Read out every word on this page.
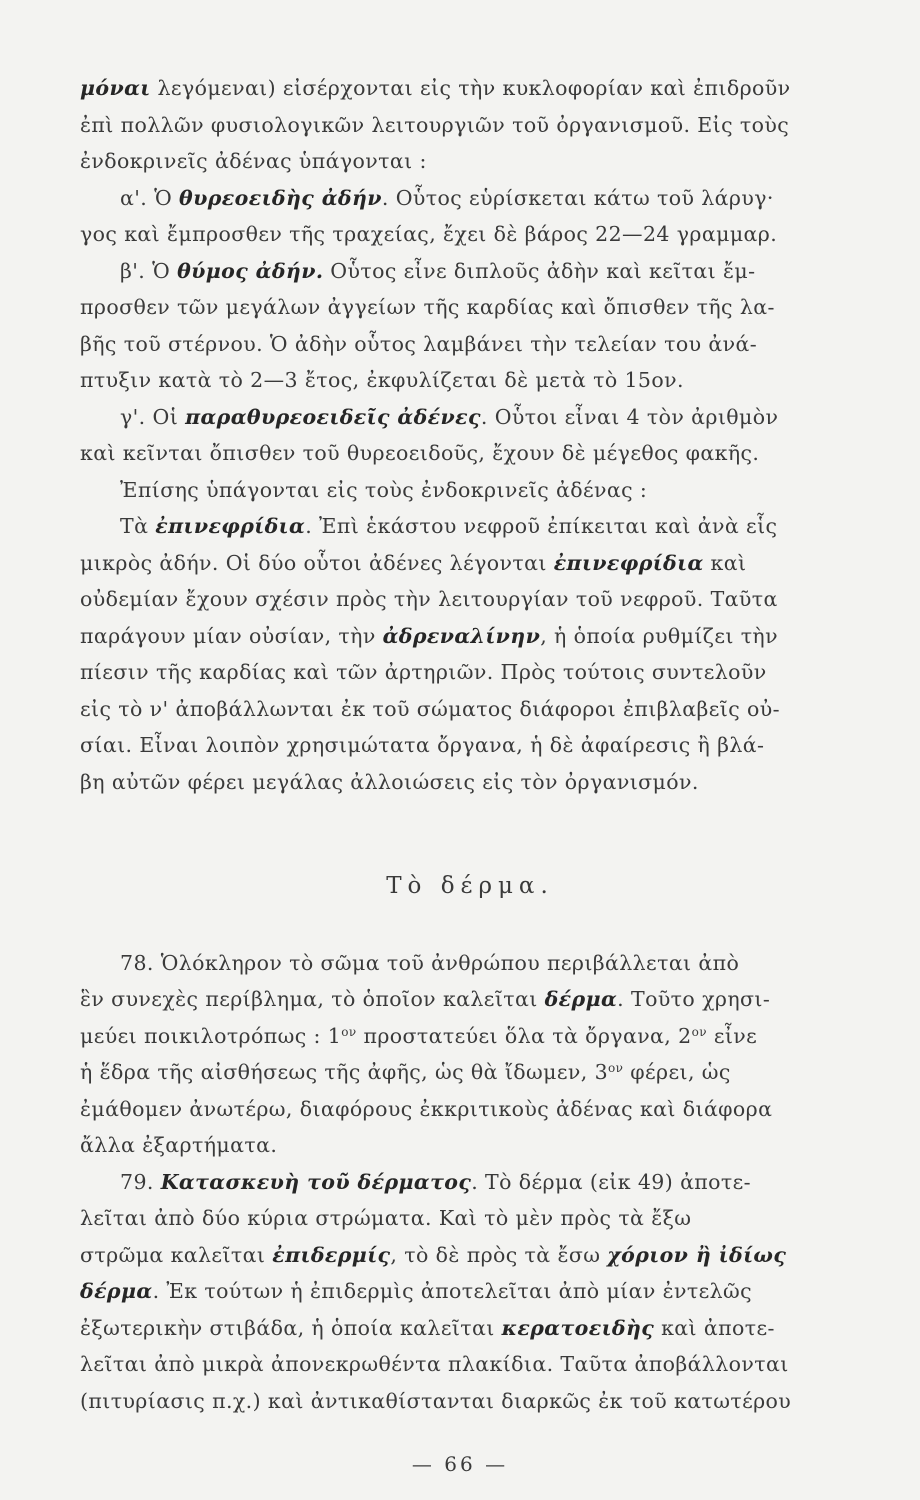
μόναι λεγόμεναι) εἰσέρχονται εἰς τὴν κυκλοφορίαν καὶ ἐπιδροῦν
ἐπὶ πολλῶν φυσιολογικῶν λειτουργιῶν τοῦ ὀργανισμοῦ. Εἰς τοὺς
ἐνδοκρινεῖς ἀδένας ὑπάγονται :
α'. Ὁ θυρεοειδὴς ἀδήν. Οὗτος εὑρίσκεται κάτω τοῦ λάρυγ·
γος καὶ ἔμπροσθεν τῆς τραχείας, ἔχει δὲ βάρος 22—24 γραμμαρ.
β'. Ὁ θύμος ἀδήν. Οὗτος εἶνε διπλοῦς ἀδὴν καὶ κεῖται ἔμ-
προσθεν τῶν μεγάλων ἀγγείων τῆς καρδίας καὶ ὄπισθεν τῆς λα-
βῆς τοῦ στέρνου. Ὁ ἀδὴν οὗτος λαμβάνει τὴν τελείαν του ἀνά-
πτυξιν κατὰ τὸ 2—3 ἔτος, ἐκφυλίζεται δὲ μετὰ τὸ 15ον.
γ'. Οἱ παραθυρεοειδεῖς ἀδένες. Οὗτοι εἶναι 4 τὸν ἀριθμὸν
καὶ κεῖνται ὄπισθεν τοῦ θυρεοειδοῦς, ἔχουν δὲ μέγεθος φακῆς.
Ἐπίσης ὑπάγονται εἰς τοὺς ἐνδοκρινεῖς ἀδένας :
Τὰ ἐπινεφρίδια. Ἐπὶ ἑκάστου νεφροῦ ἐπίκειται καὶ ἀνὰ εἷς
μικρὸς ἀδήν. Οἱ δύο οὗτοι ἀδένες λέγονται ἐπινεφρίδια καὶ
οὐδεμίαν ἔχουν σχέσιν πρὸς τὴν λειτουργίαν τοῦ νεφροῦ. Ταῦτα
παράγουν μίαν οὐσίαν, τὴν ἀδρεναλίνην, ἡ ὁποία ρυθμίζει τὴν
πίεσιν τῆς καρδίας καὶ τῶν ἀρτηριῶν. Πρὸς τούτοις συντελοῦν
εἰς τὸ ν' ἀποβάλλωνται ἐκ τοῦ σώματος διάφοροι ἐπιβλαβεῖς οὐ-
σίαι. Εἶναι λοιπὸν χρησιμώτατα ὄργανα, ἡ δὲ ἀφαίρεσις ἢ βλά-
βη αὐτῶν φέρει μεγάλας ἀλλοιώσεις εἰς τὸν ὀργανισμόν.
Τὸ δέρμα.
78. Ὁλόκληρον τὸ σῶμα τοῦ ἀνθρώπου περιβάλλεται ἀπὸ
ἓν συνεχὲς περίβλημα, τὸ ὁποῖον καλεῖται δέρμα. Τοῦτο χρησι-
μεύει ποικιλοτρόπως : $1^{o\nu}$ προστατεύει ὅλα τὰ ὄργανα, $2^{o\nu}$ εἶνε
ἡ ἕδρα τῆς αἰσθήσεως τῆς ἀφῆς, ὡς θὰ ἴδωμεν, $3^{o\nu}$ φέρει, ὡς
ἐμάθομεν ἀνωτέρω, διαφόρους ἐκκριτικοὺς ἀδένας καὶ διάφορα
ἄλλα ἐξαρτήματα.
79. Κατασκευὴ τοῦ δέρματος. Τὸ δέρμα (εἰκ 49) ἀποτε-
λεῖται ἀπὸ δύο κύρια στρώματα. Καὶ τὸ μὲν πρὸς τὰ ἔξω
στρῶμα καλεῖται ἐπιδερμίς, τὸ δὲ πρὸς τὰ ἔσω χόριον ἢ ἰδίως
δέρμα. Ἐκ τούτων ἡ ἐπιδερμὶς ἀποτελεῖται ἀπὸ μίαν ἐντελῶς
ἐξωτερικὴν στιβάδα, ἡ ὁποία καλεῖται κερατοειδὴς καὶ ἀποτε-
λεῖται ἀπὸ μικρὰ ἀπονεκρωθέντα πλακίδια. Ταῦτα ἀποβάλλονται
(πιτυρίασις π.χ.) καὶ ἀντικαθίστανται διαρκῶς ἐκ τοῦ κατωτέρου
— 66 —
